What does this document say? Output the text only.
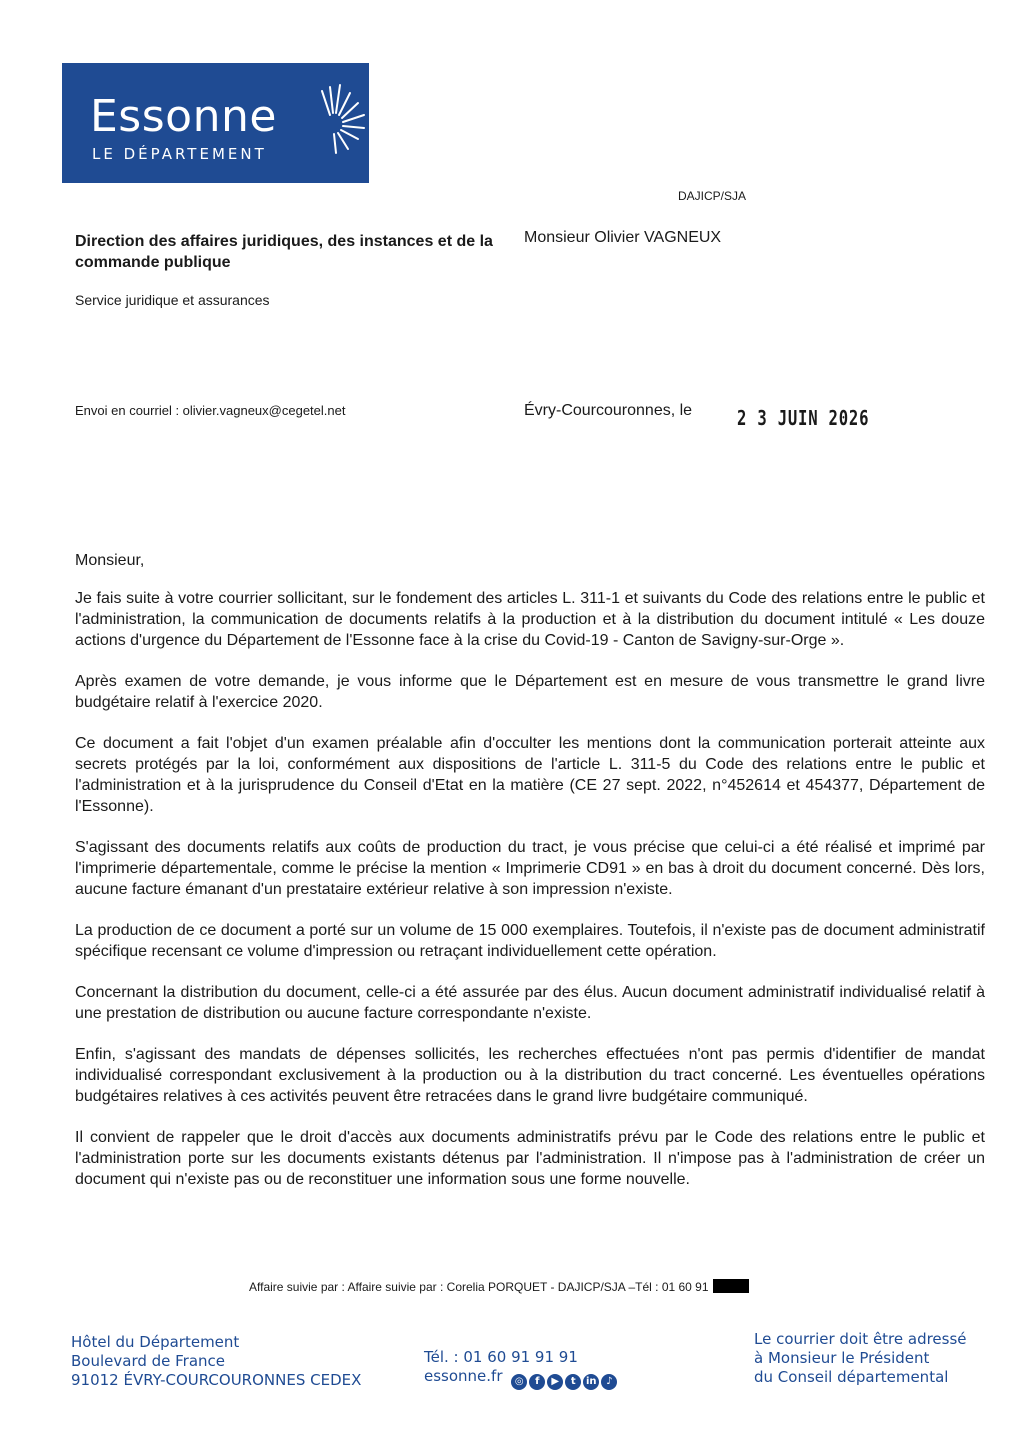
Essonne
LE DÉPARTEMENT
DAJICP/SJA
Direction des affaires juridiques, des instances et de la commande publique
Service juridique et assurances
Monsieur Olivier VAGNEUX
Envoi en courriel : olivier.vagneux@cegetel.net	Évry-Courcouronnes, le 2 3 JUIN 2026
Monsieur,

Je fais suite à votre courrier sollicitant, sur le fondement des articles L. 311-1 et suivants du Code des relations entre le public et l'administration, la communication de documents relatifs à la production et à la distribution du document intitulé « Les douze actions d'urgence du Département de l'Essonne face à la crise du Covid-19 - Canton de Savigny-sur-Orge ».

Après examen de votre demande, je vous informe que le Département est en mesure de vous transmettre le grand livre budgétaire relatif à l'exercice 2020.

Ce document a fait l'objet d'un examen préalable afin d'occulter les mentions dont la communication porterait atteinte aux secrets protégés par la loi, conformément aux dispositions de l'article L. 311-5 du Code des relations entre le public et l'administration et à la jurisprudence du Conseil d'Etat en la matière (CE 27 sept. 2022, n°452614 et 454377, Département de l'Essonne).

S'agissant des documents relatifs aux coûts de production du tract, je vous précise que celui-ci a été réalisé et imprimé par l'imprimerie départementale, comme le précise la mention « Imprimerie CD91 » en bas à droit du document concerné. Dès lors, aucune facture émanant d'un prestataire extérieur relative à son impression n'existe.

La production de ce document a porté sur un volume de 15 000 exemplaires. Toutefois, il n'existe pas de document administratif spécifique recensant ce volume d'impression ou retraçant individuellement cette opération.

Concernant la distribution du document, celle-ci a été assurée par des élus. Aucun document administratif individualisé relatif à une prestation de distribution ou aucune facture correspondante n'existe.

Enfin, s'agissant des mandats de dépenses sollicités, les recherches effectuées n'ont pas permis d'identifier de mandat individualisé correspondant exclusivement à la production ou à la distribution du tract concerné. Les éventuelles opérations budgétaires relatives à ces activités peuvent être retracées dans le grand livre budgétaire communiqué.

Il convient de rappeler que le droit d'accès aux documents administratifs prévu par le Code des relations entre le public et l'administration porte sur les documents existants détenus par l'administration. Il n'impose pas à l'administration de créer un document qui n'existe pas ou de reconstituer une information sous une forme nouvelle.

Affaire suivie par : Affaire suivie par : Corelia PORQUET - DAJICP/SJA –Tél : 01 60 91
Hôtel du Département
Boulevard de France
91012 ÉVRY-COURCOURONNES CEDEX
Tél. : 01 60 91 91 91
essonne.fr	◎	f	▶	t	in ♪
Le courrier doit être adressé
à Monsieur le Président
du Conseil départemental
